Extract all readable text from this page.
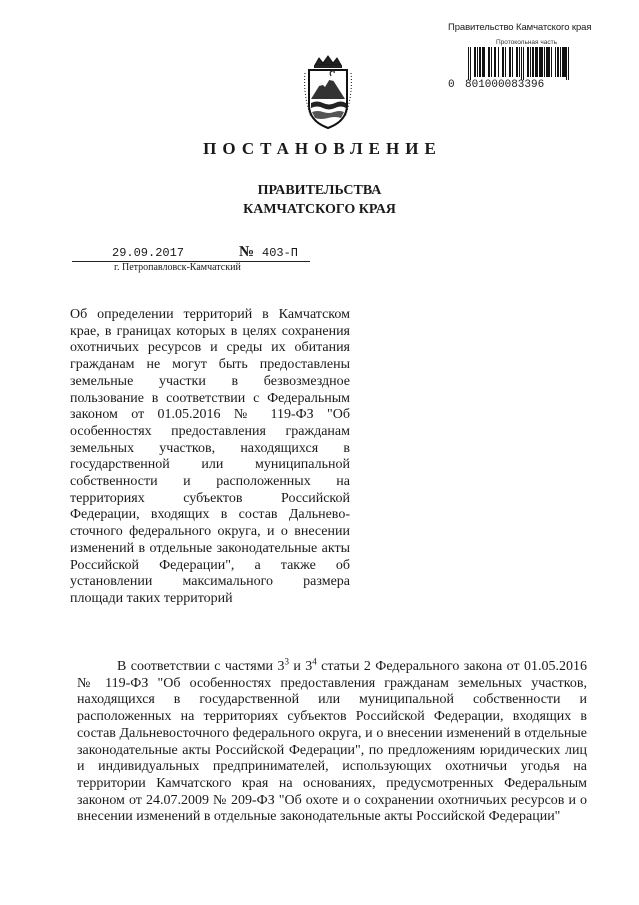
Правительство Камчатского края
Протокольная часть
0 801000083396
ПОСТАНОВЛЕНИЕ
ПРАВИТЕЛЬСТВА
КАМЧАТСКОГО КРАЯ
29.09.2017	№ 403-П
г. Петропавловск-Камчатский
Об определении территорий в Камчатском крае, в границах которых в целях сохранения охотничьих ресурсов и среды их обитания гражданам не могут быть предоставлены земельные участки в безвозмездное пользование в соответствии с Федеральным законом от 01.05.2016 № 119-ФЗ "Об особенностях предоставления гражданам земельных участков, находящихся в государственной или муниципальной собственности и расположенных на территориях субъектов Российской Федерации, входящих в состав Дальневосточного федерального округа, и о внесении изменений в отдельные законодательные акты Российской Федерации", а также об установлении максимального размера площади таких территорий
В соответствии с частями $3^3$ и $3^4$ статьи 2 Федерального закона от 01.05.2016 № 119-ФЗ "Об особенностях предоставления гражданам земельных участков, находящихся в государственной или муниципальной собственности и расположенных на территориях субъектов Российской Федерации, входящих в состав Дальневосточного федерального округа, и о внесении изменений в отдельные законодательные акты Российской Федерации", по предложениям юридических лиц и индивидуальных предпринимателей, использующих охотничьи угодья на территории Камчатского края на основаниях, предусмотренных Федеральным законом от 24.07.2009 № 209-ФЗ "Об охоте и о сохранении охотничьих ресурсов и о внесении изменений в отдельные законодательные акты Российской Федерации"
